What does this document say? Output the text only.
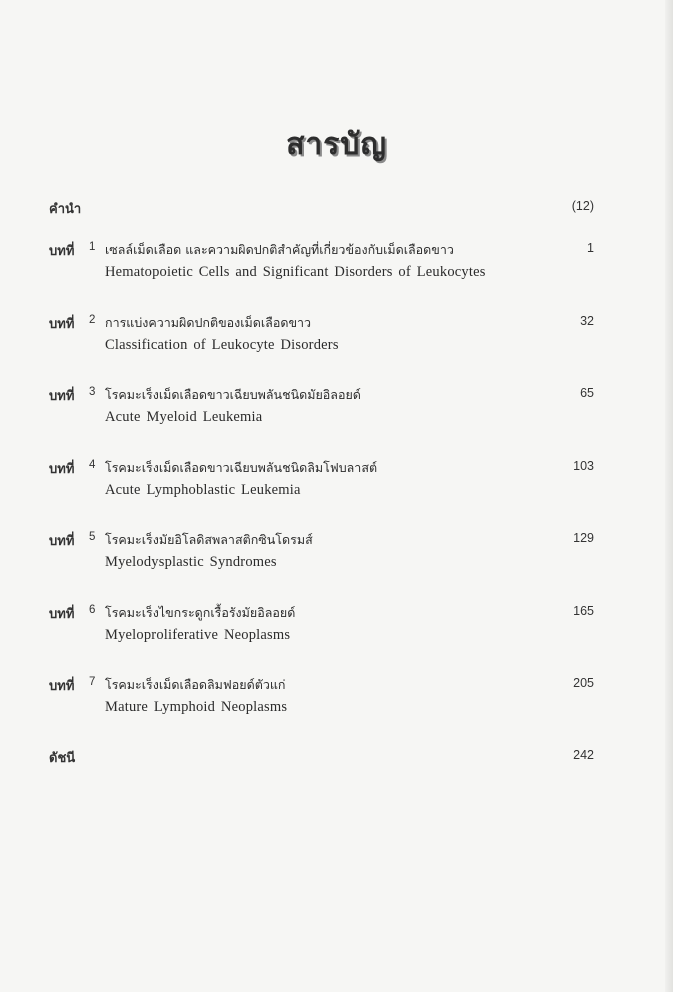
สารบัญ
คำนำ	(12)
บทที่ 1 เซลล์เม็ดเลือด และความผิดปกติสำคัญที่เกี่ยวข้องกับเม็ดเลือดขาว	1
Hematopoietic Cells and Significant Disorders of Leukocytes
บทที่ 2 การแบ่งความผิดปกติของเม็ดเลือดขาว	32
Classification of Leukocyte Disorders
บทที่ 3 โรคมะเร็งเม็ดเลือดขาวเฉียบพลันชนิดมัยอิลอยด์	65
Acute Myeloid Leukemia
บทที่ 4 โรคมะเร็งเม็ดเลือดขาวเฉียบพลันชนิดลิมโฟบลาสต์	103
Acute Lymphoblastic Leukemia
บทที่ 5 โรคมะเร็งมัยอิโลดิสพลาสติกซินโดรมส์	129
Myelodysplastic Syndromes
บทที่ 6 โรคมะเร็งไขกระดูกเรื้อรังมัยอิลอยด์	165
Myeloproliferative Neoplasms
บทที่ 7 โรคมะเร็งเม็ดเลือดลิมฟอยด์ตัวแก่	205
Mature Lymphoid Neoplasms
ดัชนี	242
